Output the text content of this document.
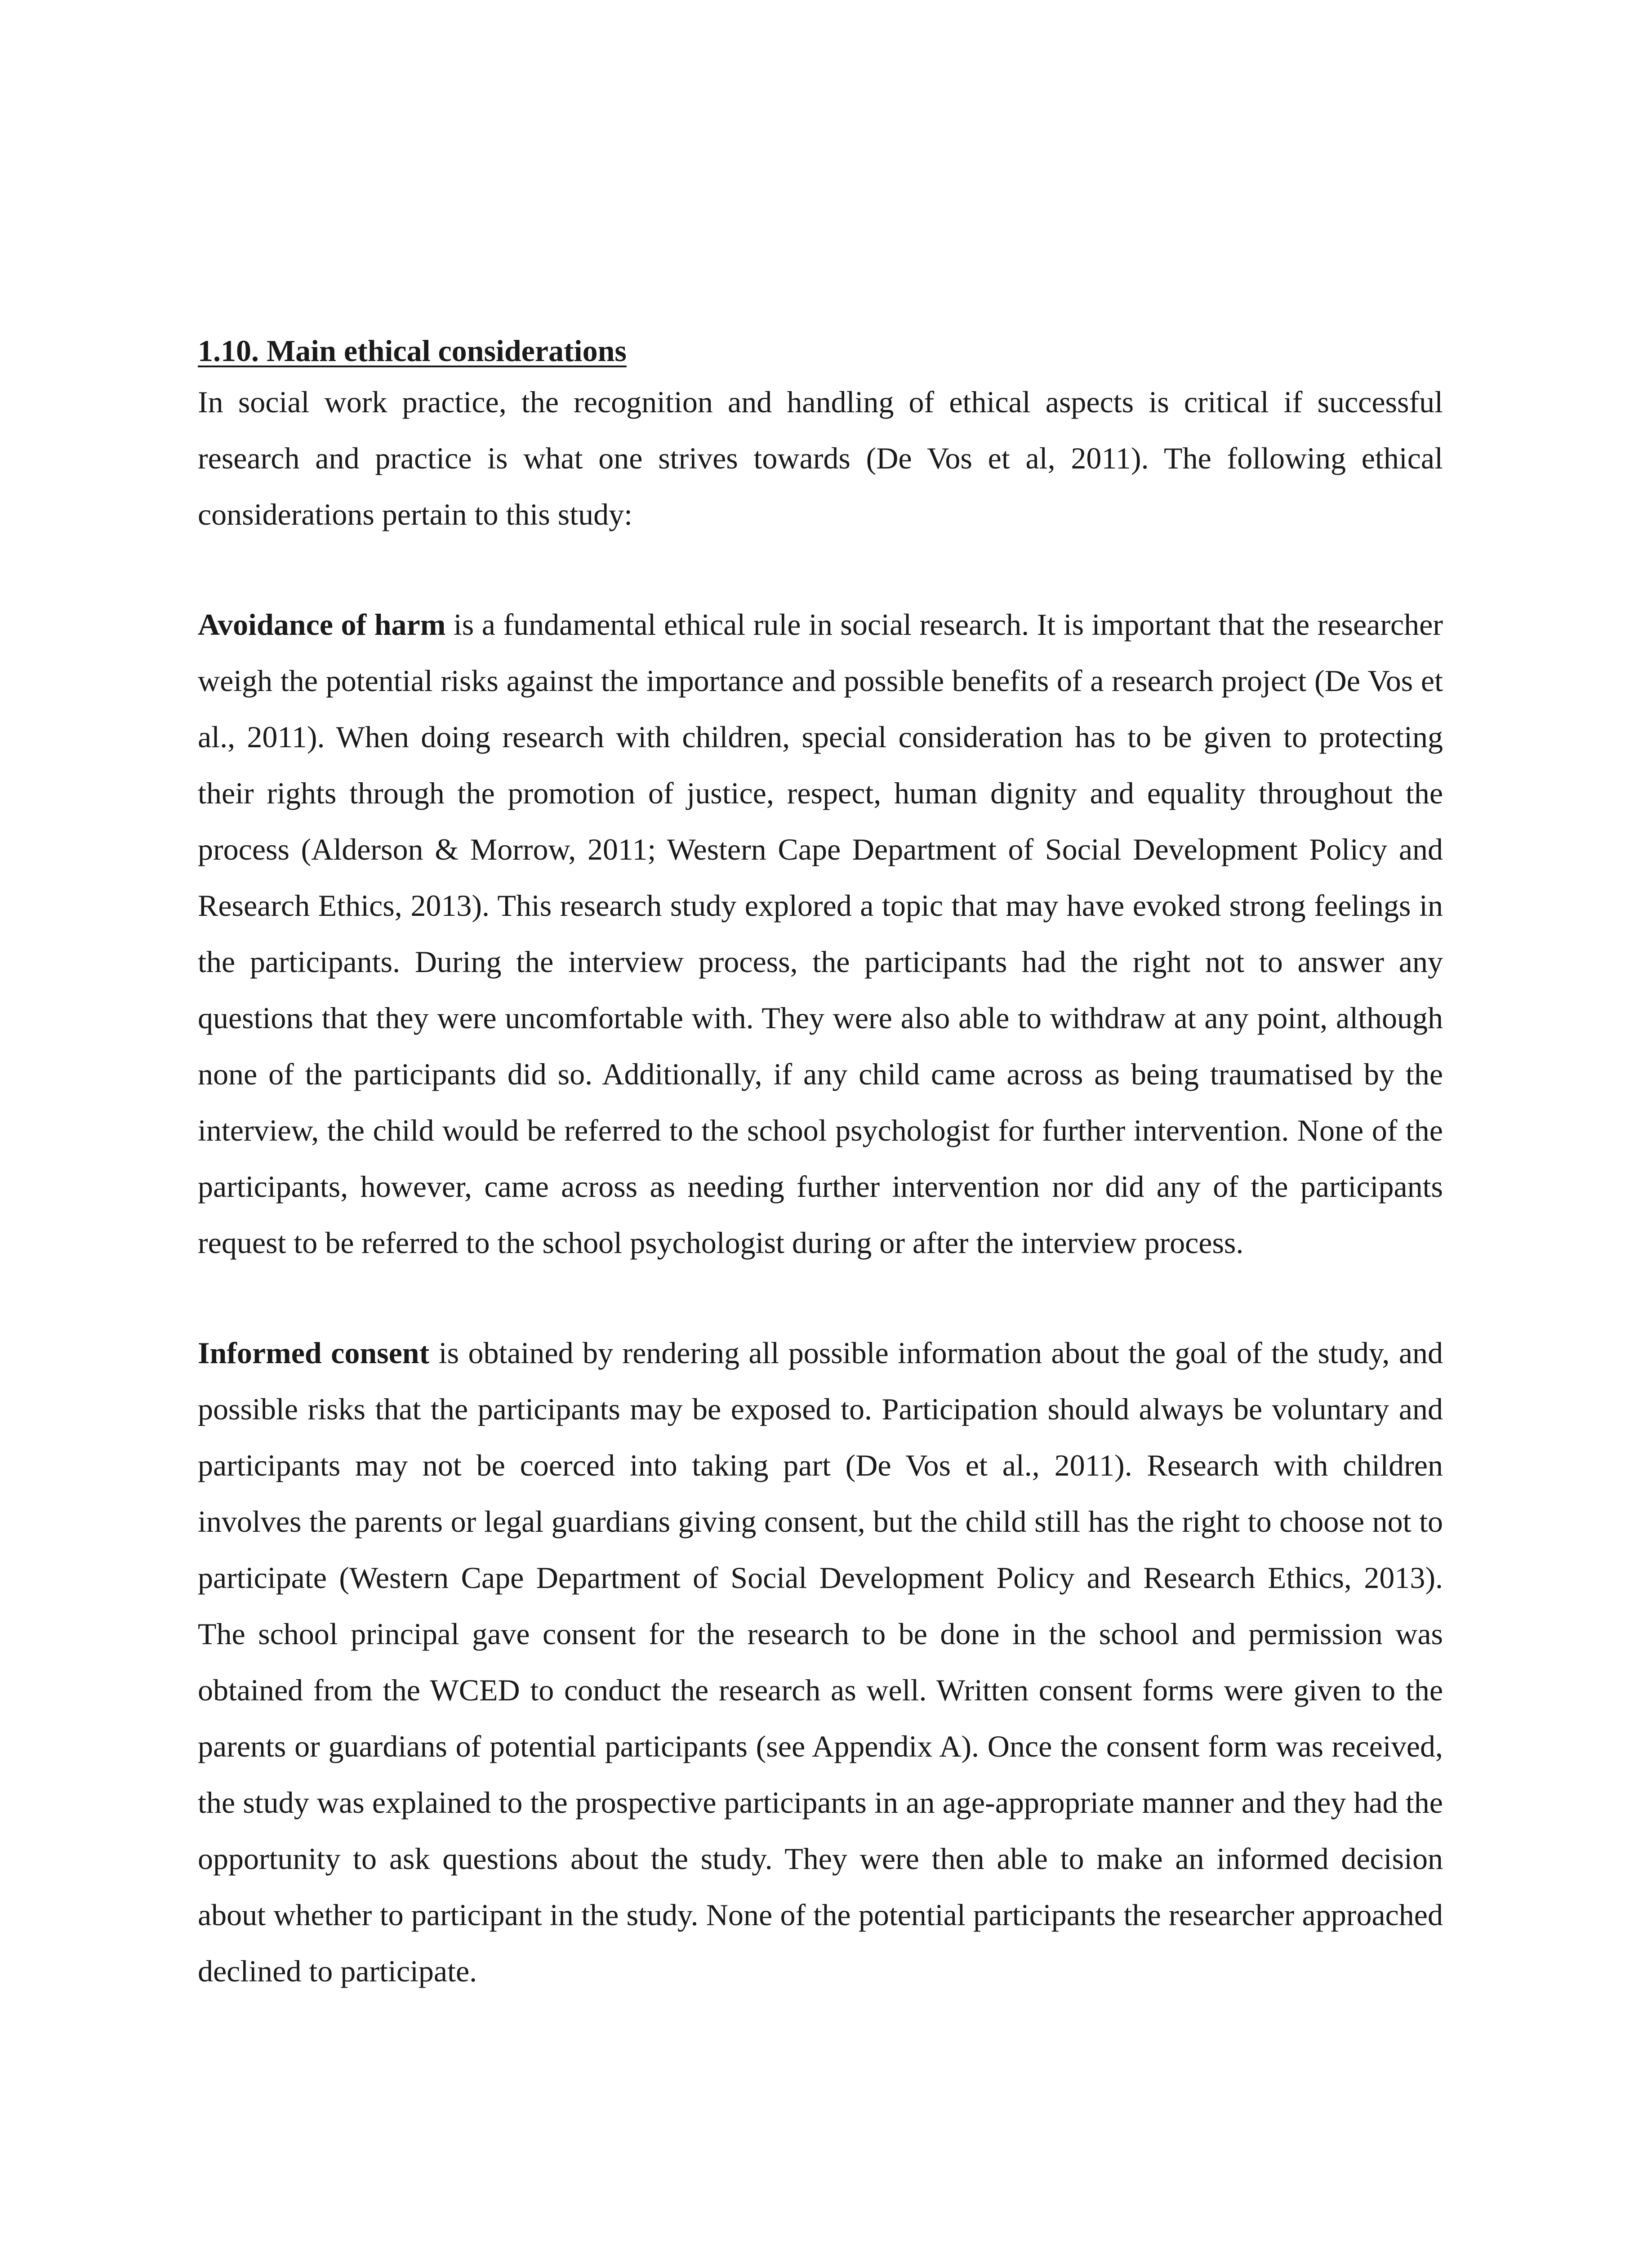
1.10. Main ethical considerations

In social work practice, the recognition and handling of ethical aspects is critical if successful research and practice is what one strives towards (De Vos et al, 2011). The following ethical considerations pertain to this study:

Avoidance of harm is a fundamental ethical rule in social research. It is important that the researcher weigh the potential risks against the importance and possible benefits of a research project (De Vos et al., 2011). When doing research with children, special consideration has to be given to protecting their rights through the promotion of justice, respect, human dignity and equality throughout the process (Alderson & Morrow, 2011; Western Cape Department of Social Development Policy and Research Ethics, 2013). This research study explored a topic that may have evoked strong feelings in the participants. During the interview process, the participants had the right not to answer any questions that they were uncomfortable with. They were also able to withdraw at any point, although none of the participants did so. Additionally, if any child came across as being traumatised by the interview, the child would be referred to the school psychologist for further intervention. None of the participants, however, came across as needing further intervention nor did any of the participants request to be referred to the school psychologist during or after the interview process.

Informed consent is obtained by rendering all possible information about the goal of the study, and possible risks that the participants may be exposed to. Participation should always be voluntary and participants may not be coerced into taking part (De Vos et al., 2011). Research with children involves the parents or legal guardians giving consent, but the child still has the right to choose not to participate (Western Cape Department of Social Development Policy and Research Ethics, 2013). The school principal gave consent for the research to be done in the school and permission was obtained from the WCED to conduct the research as well. Written consent forms were given to the parents or guardians of potential participants (see Appendix A). Once the consent form was received, the study was explained to the prospective participants in an age-appropriate manner and they had the opportunity to ask questions about the study. They were then able to make an informed decision about whether to participant in the study. None of the potential participants the researcher approached declined to participate.
